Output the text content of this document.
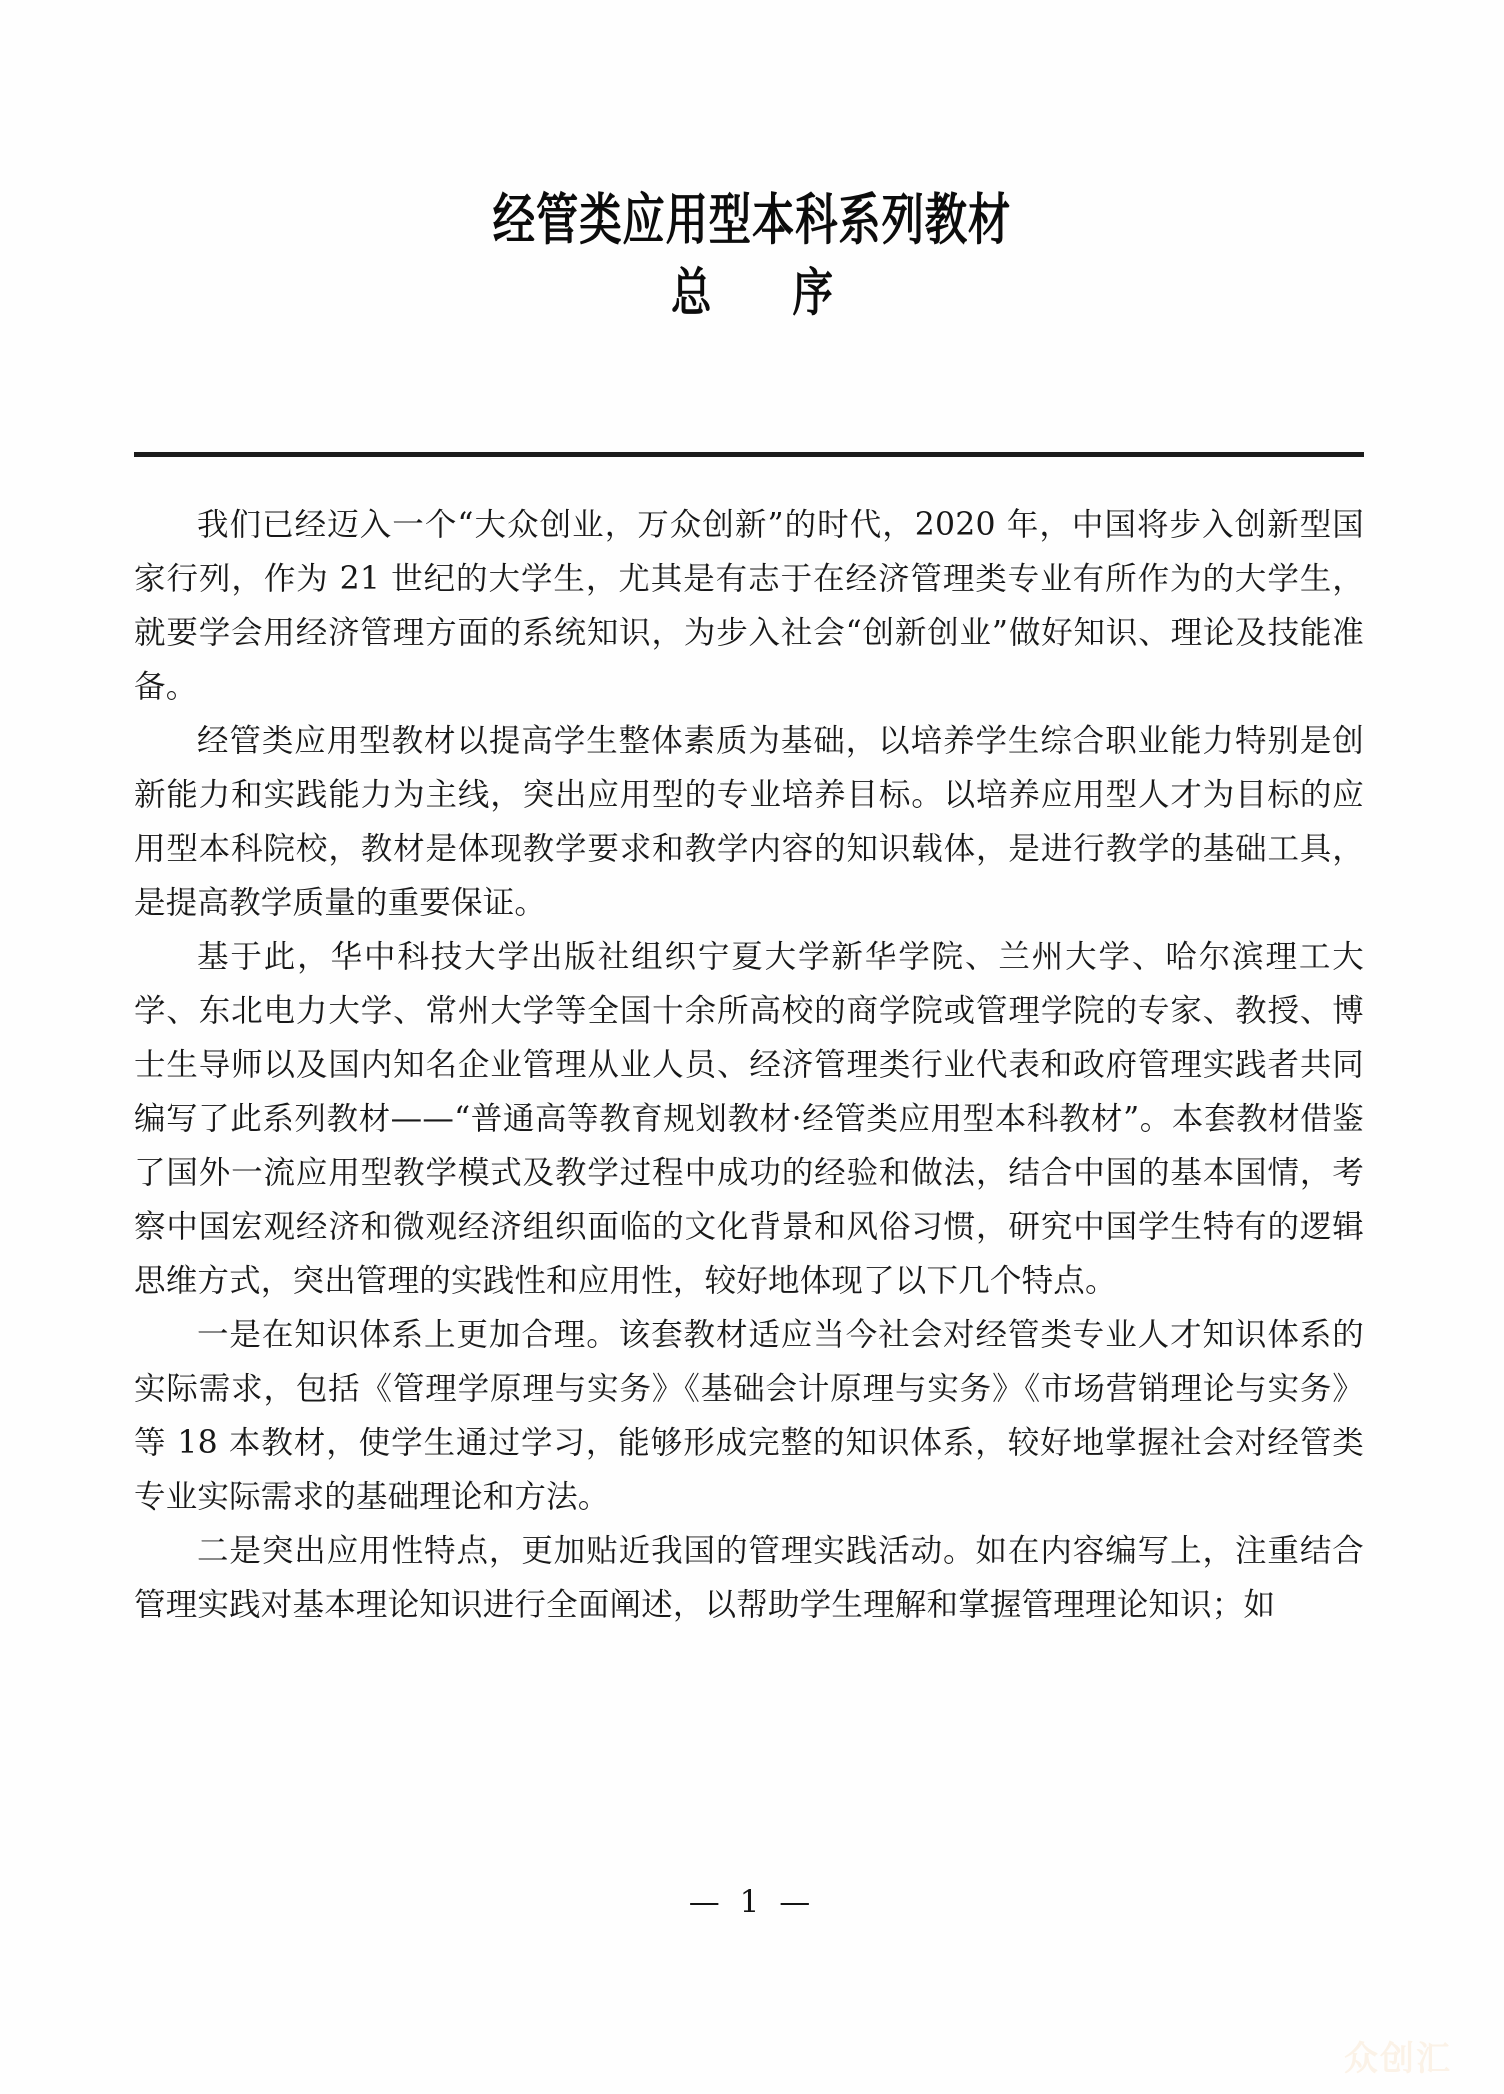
经管类应用型本科系列教材
总　　序

我们已经迈入一个“大众创业，万众创新”的时代，2020 年，中国将步入创新型国家行列，作为 21 世纪的大学生，尤其是有志于在经济管理类专业有所作为的大学生，就要学会用经济管理方面的系统知识，为步入社会“创新创业”做好知识、理论及技能准备。

经管类应用型教材以提高学生整体素质为基础，以培养学生综合职业能力特别是创新能力和实践能力为主线，突出应用型的专业培养目标。以培养应用型人才为目标的应用型本科院校，教材是体现教学要求和教学内容的知识载体，是进行教学的基础工具，是提高教学质量的重要保证。

基于此，华中科技大学出版社组织宁夏大学新华学院、兰州大学、哈尔滨理工大学、东北电力大学、常州大学等全国十余所高校的商学院或管理学院的专家、教授、博士生导师以及国内知名企业管理从业人员、经济管理类行业代表和政府管理实践者共同编写了此系列教材——“普通高等教育规划教材·经管类应用型本科教材”。本套教材借鉴了国外一流应用型教学模式及教学过程中成功的经验和做法，结合中国的基本国情，考察中国宏观经济和微观经济组织面临的文化背景和风俗习惯，研究中国学生特有的逻辑思维方式，突出管理的实践性和应用性，较好地体现了以下几个特点。

一是在知识体系上更加合理。该套教材适应当今社会对经管类专业人才知识体系的实际需求，包括《管理学原理与实务》《基础会计原理与实务》《市场营销理论与实务》等 18 本教材，使学生通过学习，能够形成完整的知识体系，较好地掌握社会对经管类专业实际需求的基础理论和方法。

二是突出应用性特点，更加贴近我国的管理实践活动。如在内容编写上，注重结合管理实践对基本理论知识进行全面阐述，以帮助学生理解和掌握管理理论知识；如

— 1 —
众创汇
